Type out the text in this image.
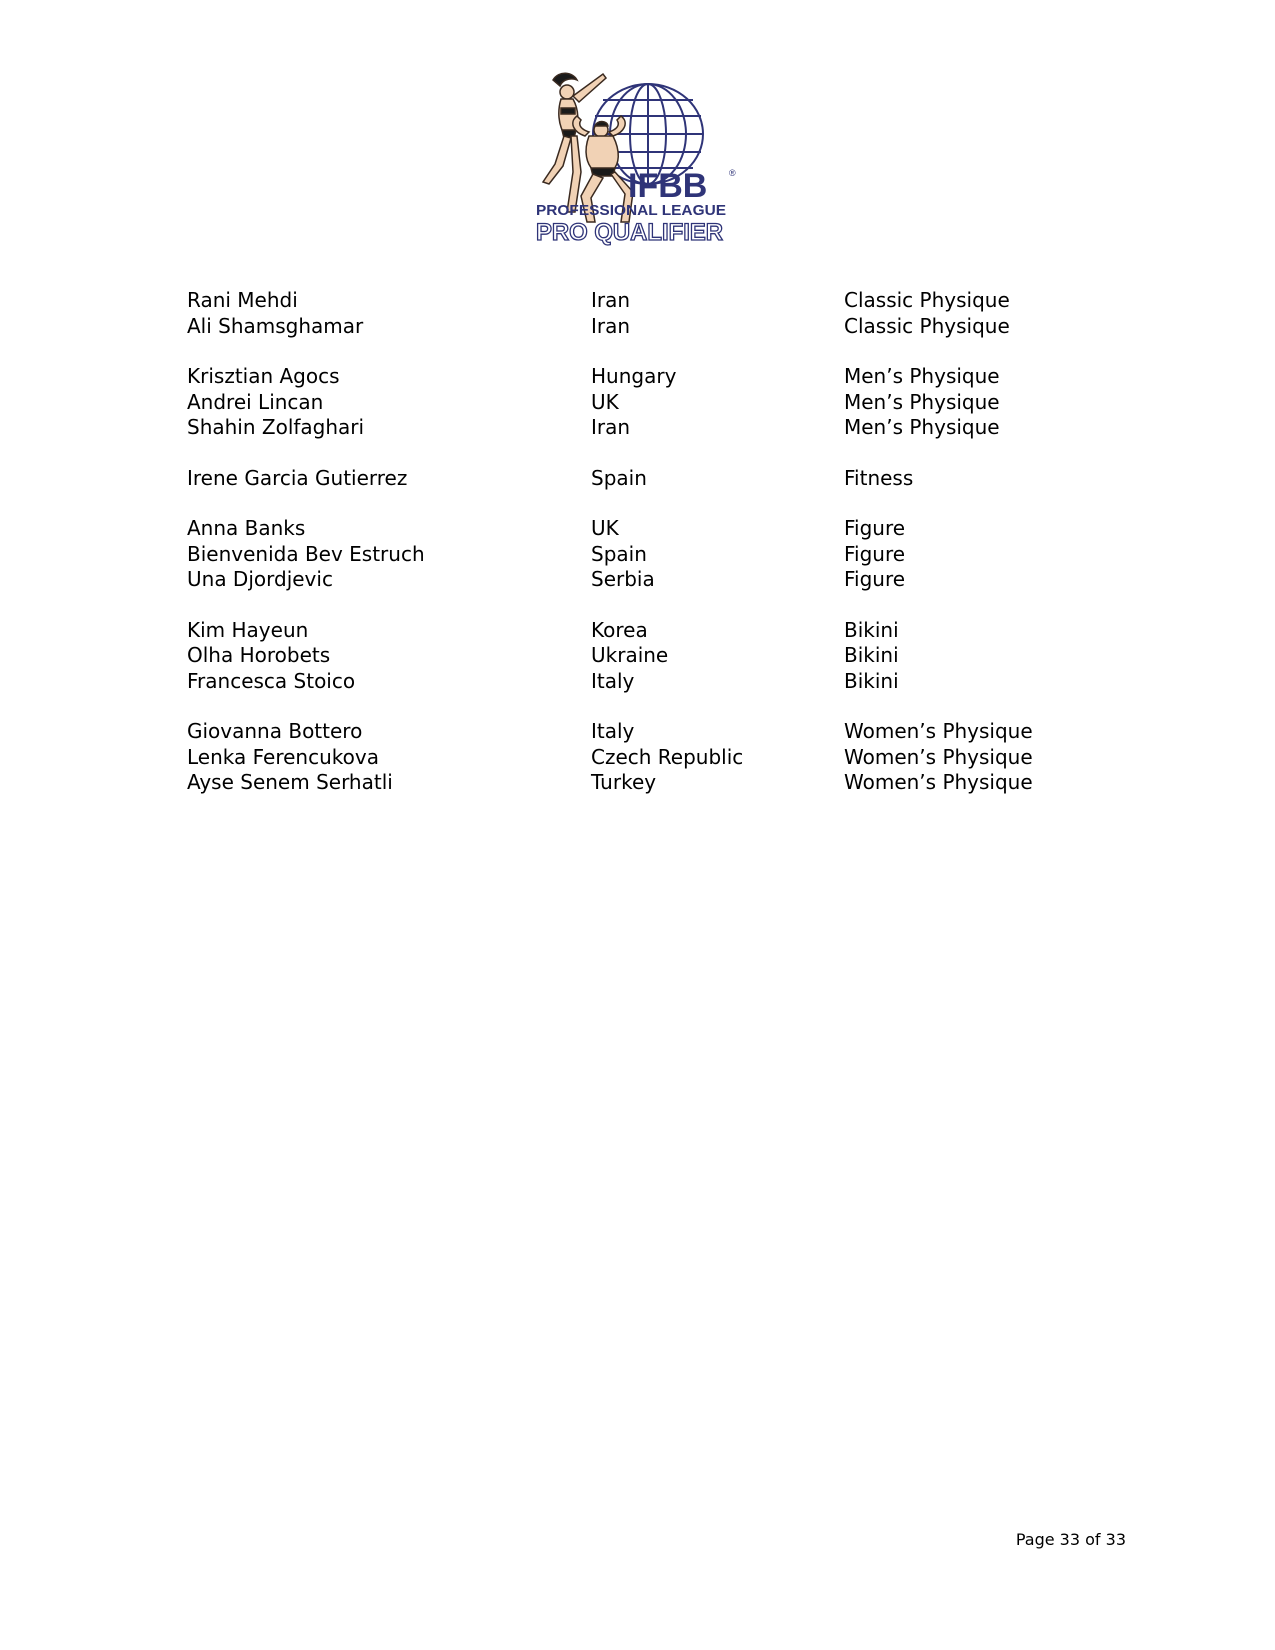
IFBB ®
PROFESSIONAL LEAGUE
PRO QUALIFIER
Rani Mehdi	Iran	Classic Physique
Ali Shamsghamar	Iran	Classic Physique
Krisztian Agocs	Hungary	Men’s Physique
Andrei Lincan	UK	Men’s Physique
Shahin Zolfaghari	Iran	Men’s Physique
Irene Garcia Gutierrez	Spain	Fitness
Anna Banks	UK	Figure
Bienvenida Bev Estruch	Spain	Figure
Una Djordjevic	Serbia	Figure
Kim Hayeun	Korea	Bikini
Olha Horobets	Ukraine	Bikini
Francesca Stoico	Italy	Bikini
Giovanna Bottero	Italy	Women’s Physique
Lenka Ferencukova	Czech Republic	Women’s Physique
Ayse Senem Serhatli	Turkey	Women’s Physique
Page 33 of 33
